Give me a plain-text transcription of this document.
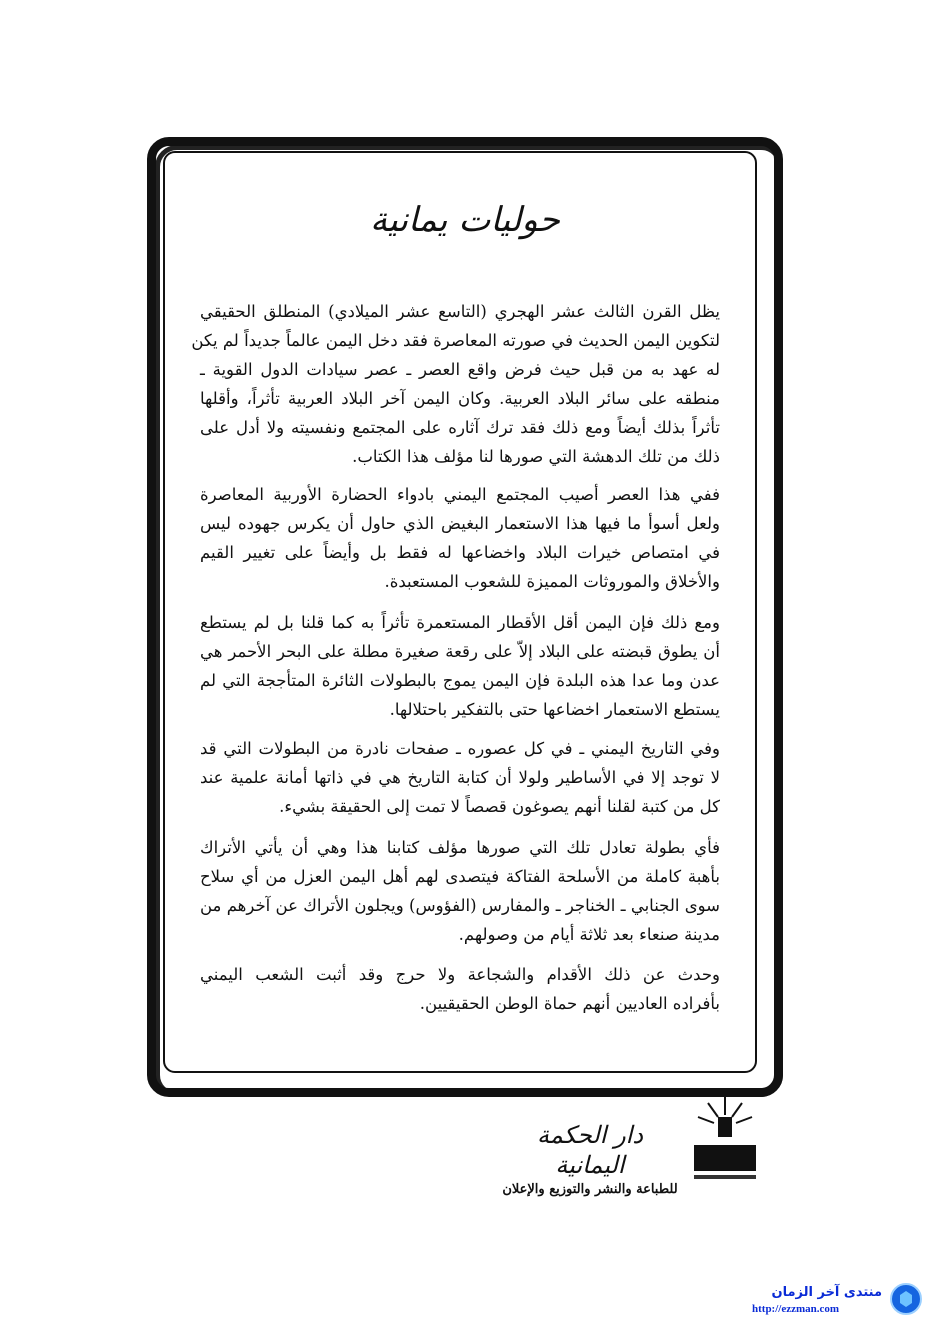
حوليات يمانية
يظل القرن الثالث عشر الهجري (التاسع عشر الميلادي) المنطلق الحقيقي
لتكوين اليمن الحديث في صورته المعاصرة فقد دخل اليمن عالماً جديداً لم يكن
له عهد به من قبل حيث فرض واقع العصر ـ عصر سيادات الدول القوية ـ
منطقه على سائر البلاد العربية. وكان اليمن آخر البلاد العربية تأثراً، وأقلها
تأثراً بذلك أيضاً ومع ذلك فقد ترك آثاره على المجتمع ونفسيته ولا أدل على
ذلك من تلك الدهشة التي صورها لنا مؤلف هذا الكتاب.
ففي هذا العصر أصيب المجتمع اليمني بادواء الحضارة الأوربية المعاصرة
ولعل أسوأ ما فيها هذا الاستعمار البغيض الذي حاول أن يكرس جهوده ليس
في امتصاص خيرات البلاد واخضاعها له فقط بل وأيضاً على تغيير القيم
والأخلاق والموروثات المميزة للشعوب المستعبدة.
ومع ذلك فإن اليمن أقل الأقطار المستعمرة تأثراً به كما قلنا بل لم يستطع
أن يطوق قبضته على البلاد إلاّ على رقعة صغيرة مطلة على البحر الأحمر هي
عدن وما عدا هذه البلدة فإن اليمن يموج بالبطولات الثائرة المتأججة التي لم
يستطع الاستعمار اخضاعها حتى بالتفكير باحتلالها.
وفي التاريخ اليمني ـ في كل عصوره ـ صفحات نادرة من البطولات التي قد
لا توجد إلا في الأساطير ولولا أن كتابة التاريخ هي في ذاتها أمانة علمية عند
كل من كتبة لقلنا أنهم يصوغون قصصاً لا تمت إلى الحقيقة بشيء.
فأي بطولة تعادل تلك التي صورها مؤلف كتابنا هذا وهي أن يأتي الأتراك
بأهبة كاملة من الأسلحة الفتاكة فيتصدى لهم أهل اليمن العزل من أي سلاح
سوى الجنابي ـ الخناجر ـ والمفارس (الفؤوس) ويجلون الأتراك عن آخرهم من
مدينة صنعاء بعد ثلاثة أيام من وصولهم.
وحدث عن ذلك الأقدام والشجاعة ولا حرج وقد أثبت الشعب اليمني
بأفراده العاديين أنهم حماة الوطن الحقيقيين.
دار الحكمة اليمانية
للطباعة والنشر والتوزيع والإعلان
منتدى آخر الزمان
http://ezzman.com
